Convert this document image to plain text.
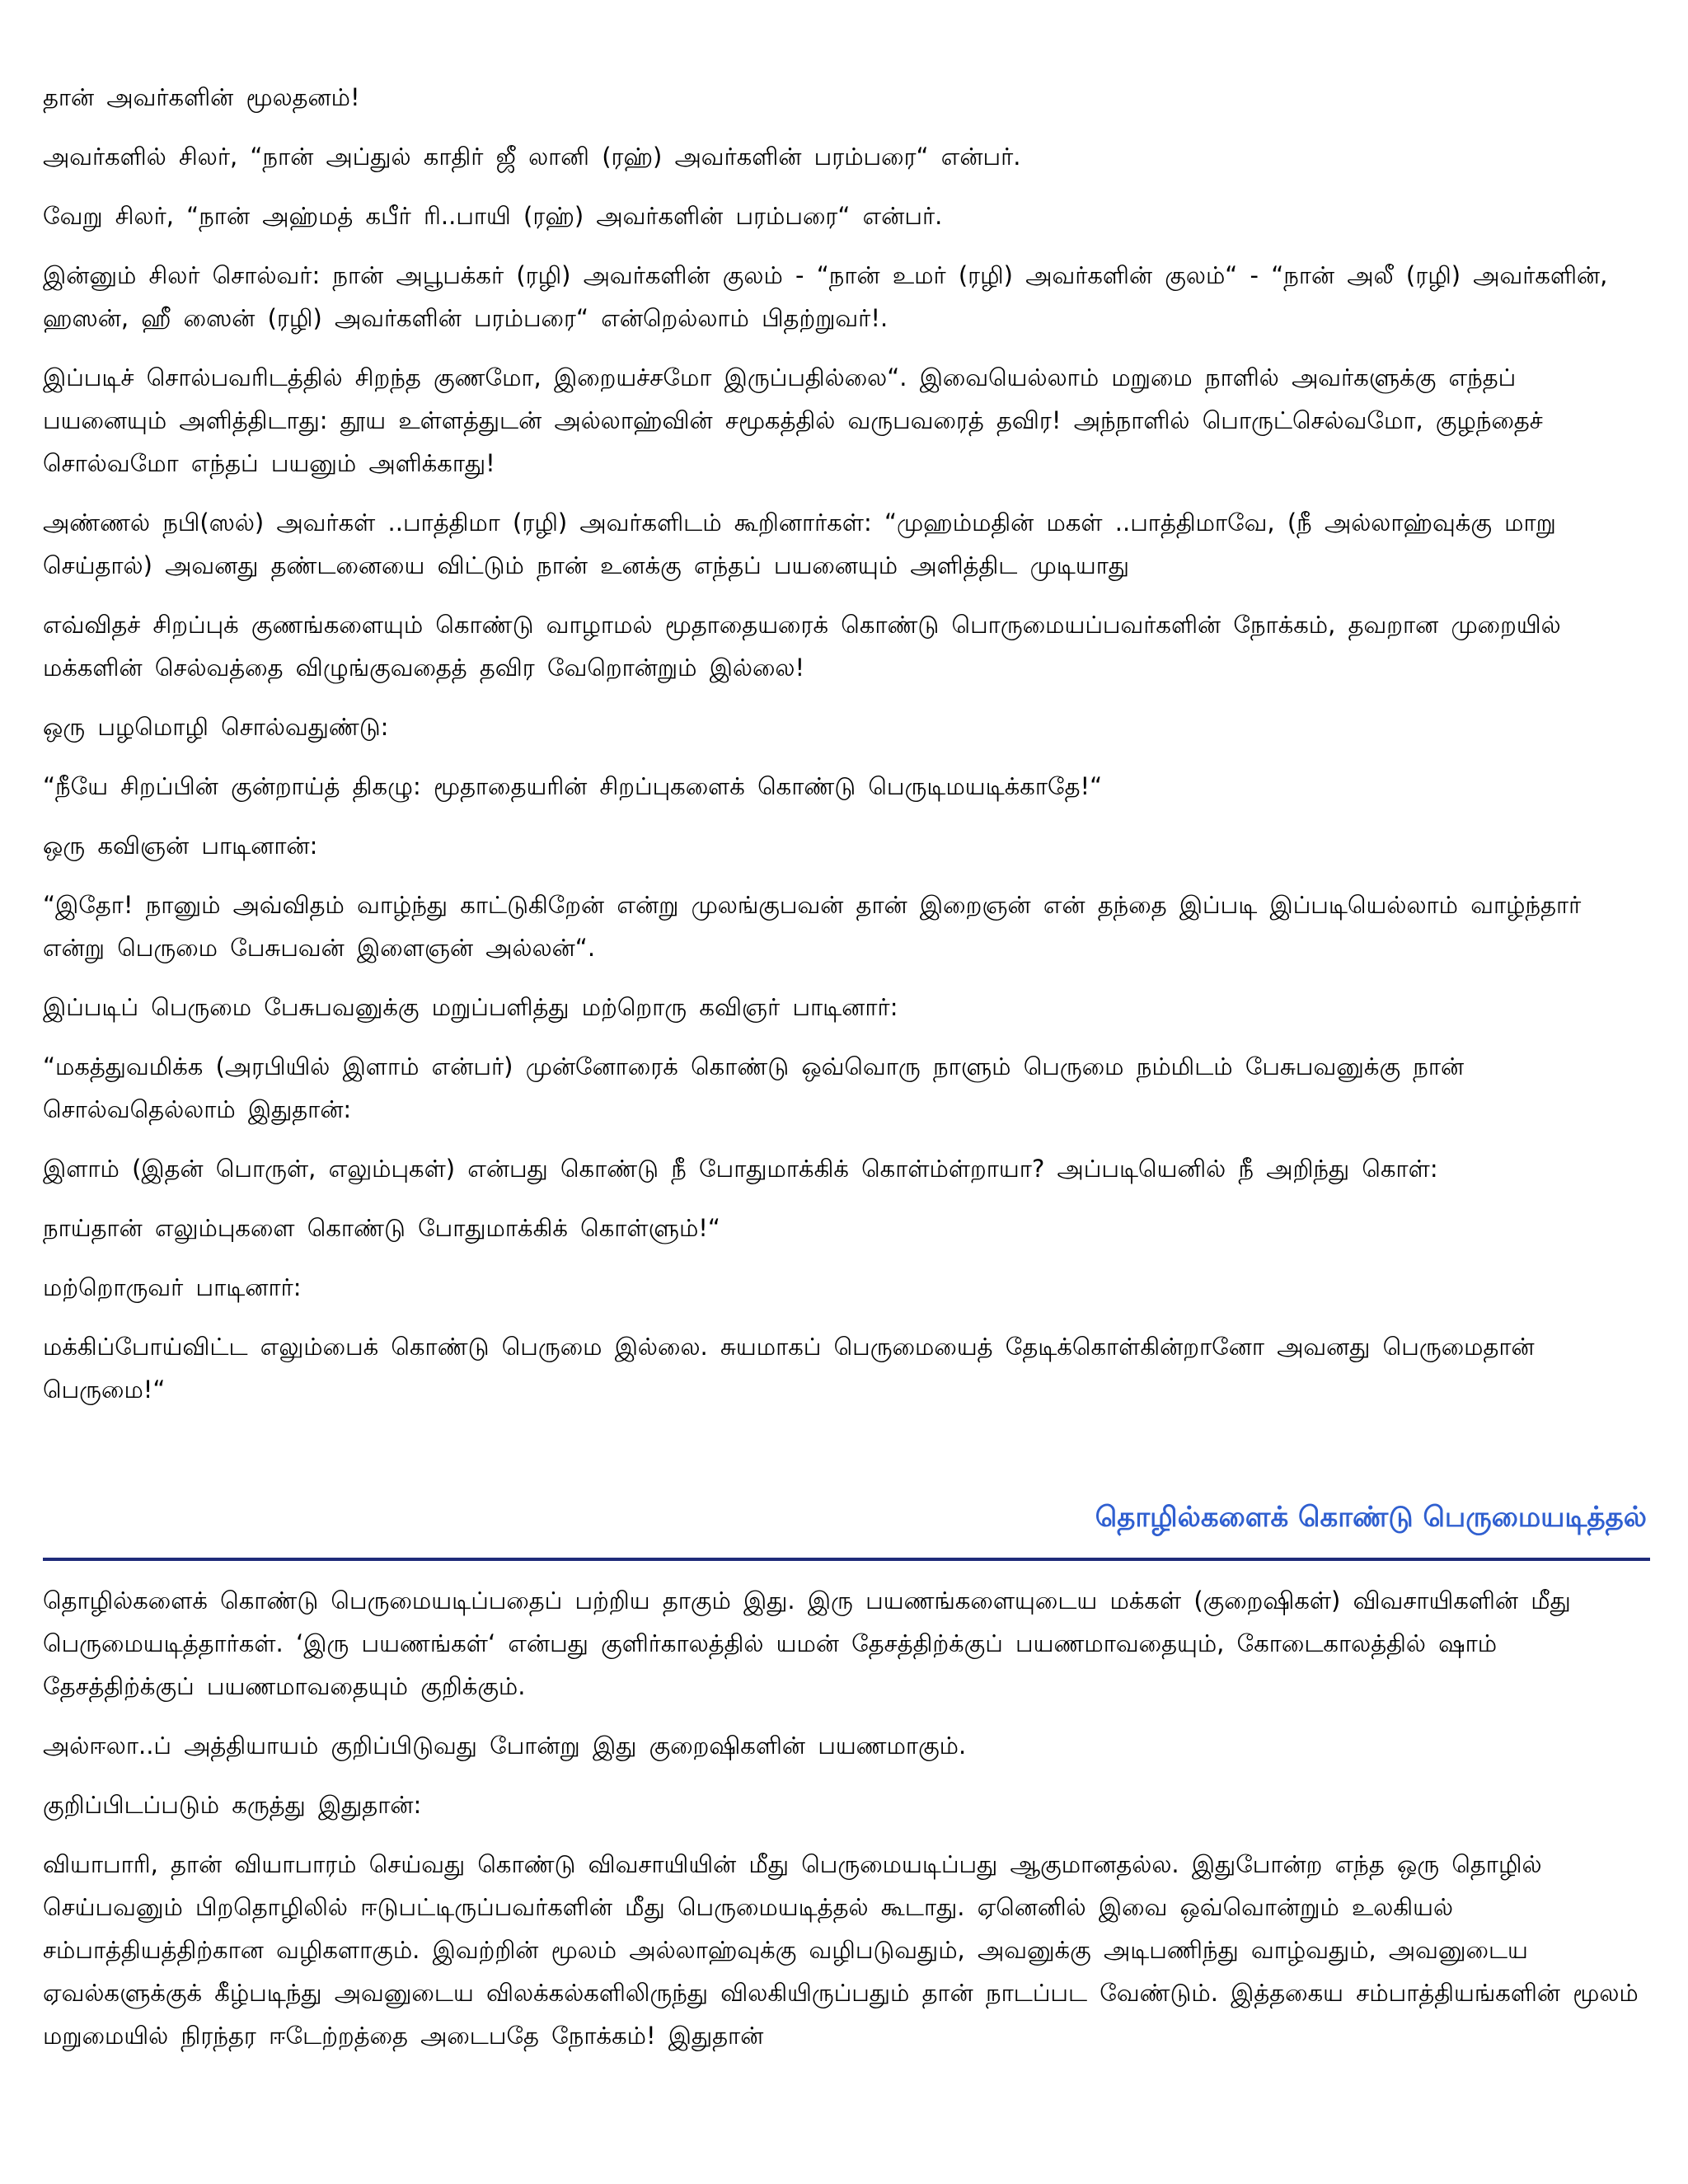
தான் அவர்களின் மூலதனம்!

அவர்களில் சிலர், “நான் அப்துல் காதிர் ஜீ லானி (ரஹ்) அவர்களின் பரம்பரை“ என்பர்.

வேறு சிலர், “நான் அஹ்மத் கபீர் ரி..பாயி (ரஹ்) அவர்களின் பரம்பரை“ என்பர்.

இன்னும் சிலர் சொல்வர்: நான் அபூபக்கர் (ரழி) அவர்களின் குலம் - “நான் உமர் (ரழி) அவர்களின் குலம்“ - “நான் அலீ (ரழி) அவர்களின், ஹஸன், ஹீ ஸைன் (ரழி) அவர்களின் பரம்பரை“ என்றெல்லாம் பிதற்றுவர்!.

இப்படிச் சொல்பவரிடத்தில் சிறந்த குணமோ, இறையச்சமோ இருப்பதில்லை“. இவையெல்லாம் மறுமை நாளில் அவர்களுக்கு எந்தப் பயனையும் அளித்திடாது: தூய உள்ளத்துடன் அல்லாஹ்வின் சமூகத்தில் வருபவரைத் தவிர! அந்நாளில் பொருட்செல்வமோ, குழந்தைச் சொல்வமோ எந்தப் பயனும் அளிக்காது!

அண்ணல் நபி(ஸல்) அவர்கள் ..பாத்திமா (ரழி) அவர்களிடம் கூறினார்கள்: “முஹம்மதின் மகள் ..பாத்திமாவே, (நீ அல்லாஹ்வுக்கு மாறு செய்தால்) அவனது தண்டனையை விட்டும் நான் உனக்கு எந்தப் பயனையும் அளித்திட முடியாது

எவ்விதச் சிறப்புக் குணங்களையும் கொண்டு வாழாமல் மூதாதையரைக் கொண்டு பொருமையப்பவர்களின் நோக்கம், தவறான முறையில் மக்களின் செல்வத்தை விழுங்குவதைத் தவிர வேறொன்றும் இல்லை!

ஒரு பழமொழி சொல்வதுண்டு:

“நீயே சிறப்பின் குன்றாய்த் திகழு: மூதாதையரின் சிறப்புகளைக் கொண்டு பெருடிமயடிக்காதே!“

ஒரு கவிஞன் பாடினான்:

“இதோ! நானும் அவ்விதம் வாழ்ந்து காட்டுகிறேன் என்று முலங்குபவன் தான் இறைஞன் என் தந்தை இப்படி இப்படியெல்லாம் வாழ்ந்தார் என்று பெருமை பேசுபவன் இளைஞன் அல்லன்“.

இப்படிப் பெருமை பேசுபவனுக்கு மறுப்பளித்து மற்றொரு கவிஞர் பாடினார்:

“மகத்துவமிக்க (அரபியில் இளாம் என்பர்) முன்னோரைக் கொண்டு ஒவ்வொரு நாளும் பெருமை நம்மிடம் பேசுபவனுக்கு நான் சொல்வதெல்லாம் இதுதான்:

இளாம் (இதன் பொருள், எலும்புகள்) என்பது கொண்டு நீ போதுமாக்கிக் கொள்ம்ள்றாயா? அப்படியெனில் நீ அறிந்து கொள்:

நாய்தான் எலும்புகளை கொண்டு போதுமாக்கிக் கொள்ளும்!“

மற்றொருவர் பாடினார்:

மக்கிப்போய்விட்ட எலும்பைக் கொண்டு பெருமை இல்லை. சுயமாகப் பெருமையைத் தேடிக்கொள்கின்றானோ அவனது பெருமைதான் பெருமை!“

தொழில்களைக் கொண்டு பெருமையடித்தல்

தொழில்களைக் கொண்டு பெருமையடிப்பதைப் பற்றிய தாகும் இது. இரு பயணங்களையுடைய மக்கள் (குறைஷிகள்) விவசாயிகளின் மீது பெருமையடித்தார்கள். ‘இரு பயணங்கள்‘ என்பது குளிர்காலத்தில் யமன் தேசத்திற்க்குப் பயணமாவதையும், கோடைகாலத்தில் ஷாம் தேசத்திற்க்குப் பயணமாவதையும் குறிக்கும்.

அல்ஈலா..ப் அத்தியாயம் குறிப்பிடுவது போன்று இது குறைஷிகளின் பயணமாகும்.

குறிப்பிடப்படும் கருத்து இதுதான்:

வியாபாரி, தான் வியாபாரம் செய்வது கொண்டு விவசாயியின் மீது பெருமையடிப்பது ஆகுமானதல்ல. இதுபோன்ற எந்த ஒரு தொழில் செய்பவனும் பிறதொழிலில் ஈடுபட்டிருப்பவர்களின் மீது பெருமையடித்தல் கூடாது. ஏனெனில் இவை ஒவ்வொன்றும் உலகியல் சம்பாத்தியத்திற்கான வழிகளாகும். இவற்றின் மூலம் அல்லாஹ்வுக்கு வழிபடுவதும், அவனுக்கு அடிபணிந்து வாழ்வதும், அவனுடைய ஏவல்களுக்குக் கீழ்படிந்து அவனுடைய விலக்கல்களிலிருந்து விலகியிருப்பதும் தான் நாடப்பட வேண்டும். இத்தகைய சம்பாத்தியங்களின் மூலம் மறுமையில் நிரந்தர ஈடேற்றத்தை அடைபதே நோக்கம்! இதுதான்
